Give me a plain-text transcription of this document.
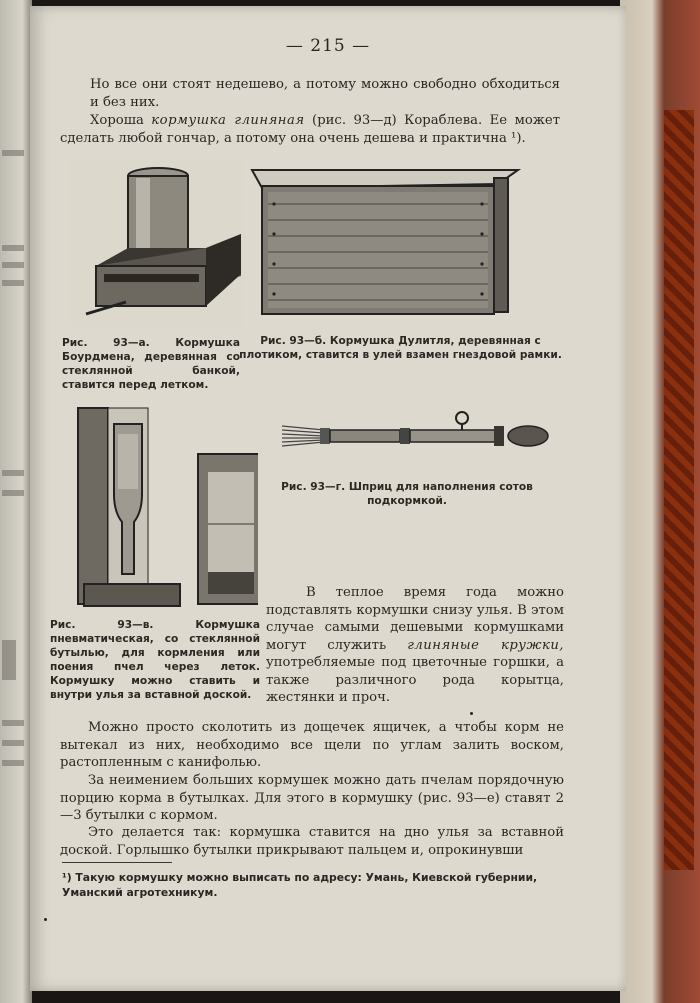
— 215 —
Но все они стоят недешево, а потому можно свободно обходиться и без них.
Хороша кормушка глиняная (рис. 93—д) Кораблева. Ее может сделать любой гончар, а потому она очень дешева и практична ¹).
Рис. 93—а. Кормушка Боурдмена, деревянная со стеклянной банкой, ставится перед летком.
Рис. 93—б. Кормушка Дулитля, деревянная с плотиком, ставится в улей взамен гнездовой рамки.
Рис. 93—г. Шприц для наполнения сотов подкормкой.
В теплое время года можно подставлять кормушки снизу улья. В этом случае самыми дешевыми кормушками могут служить глиняные кружки, употребляемые под цветочные горшки, а также различного рода корытца, жестянки и проч.
Рис. 93—в. Кормушка пневматическая, со стеклянной бутылью, для кормления или поения пчел через леток. Кормушку можно ставить и внутри улья за вставной доской.
Можно просто сколотить из дощечек ящичек, а чтобы корм не вытекал из них, необходимо все щели по углам залить воском, растопленным с канифолью.
За неимением больших кормушек можно дать пчелам порядочную порцию корма в бутылках. Для этого в кормушку (рис. 93—е) ставят 2—3 бутылки с кормом.
Это делается так: кормушка ставится на дно улья за вставной доской. Горлышко бутылки прикрывают пальцем и, опрокинувши
¹) Такую кормушку можно выписать по адресу: Умань, Киевской губернии, Уманский агротехникум.
